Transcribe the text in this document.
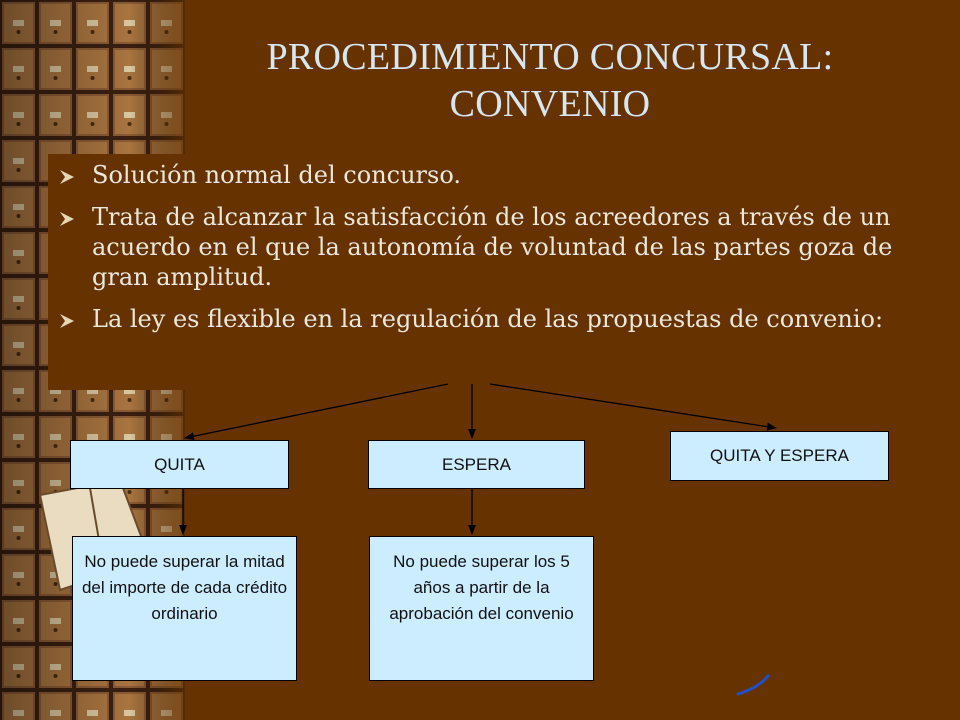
PROCEDIMIENTO CONCURSAL: CONVENIO
Solución normal del concurso.
Trata de alcanzar la satisfacción de los acreedores a través de un acuerdo en el que la autonomía de voluntad de las partes goza de gran amplitud.
La ley es flexible en la regulación de las propuestas de convenio:
QUITA	ESPERA	QUITA Y ESPERA
No puede superar la mitad del importe de cada crédito ordinario
No puede superar los 5 años a partir de la aprobación del convenio
